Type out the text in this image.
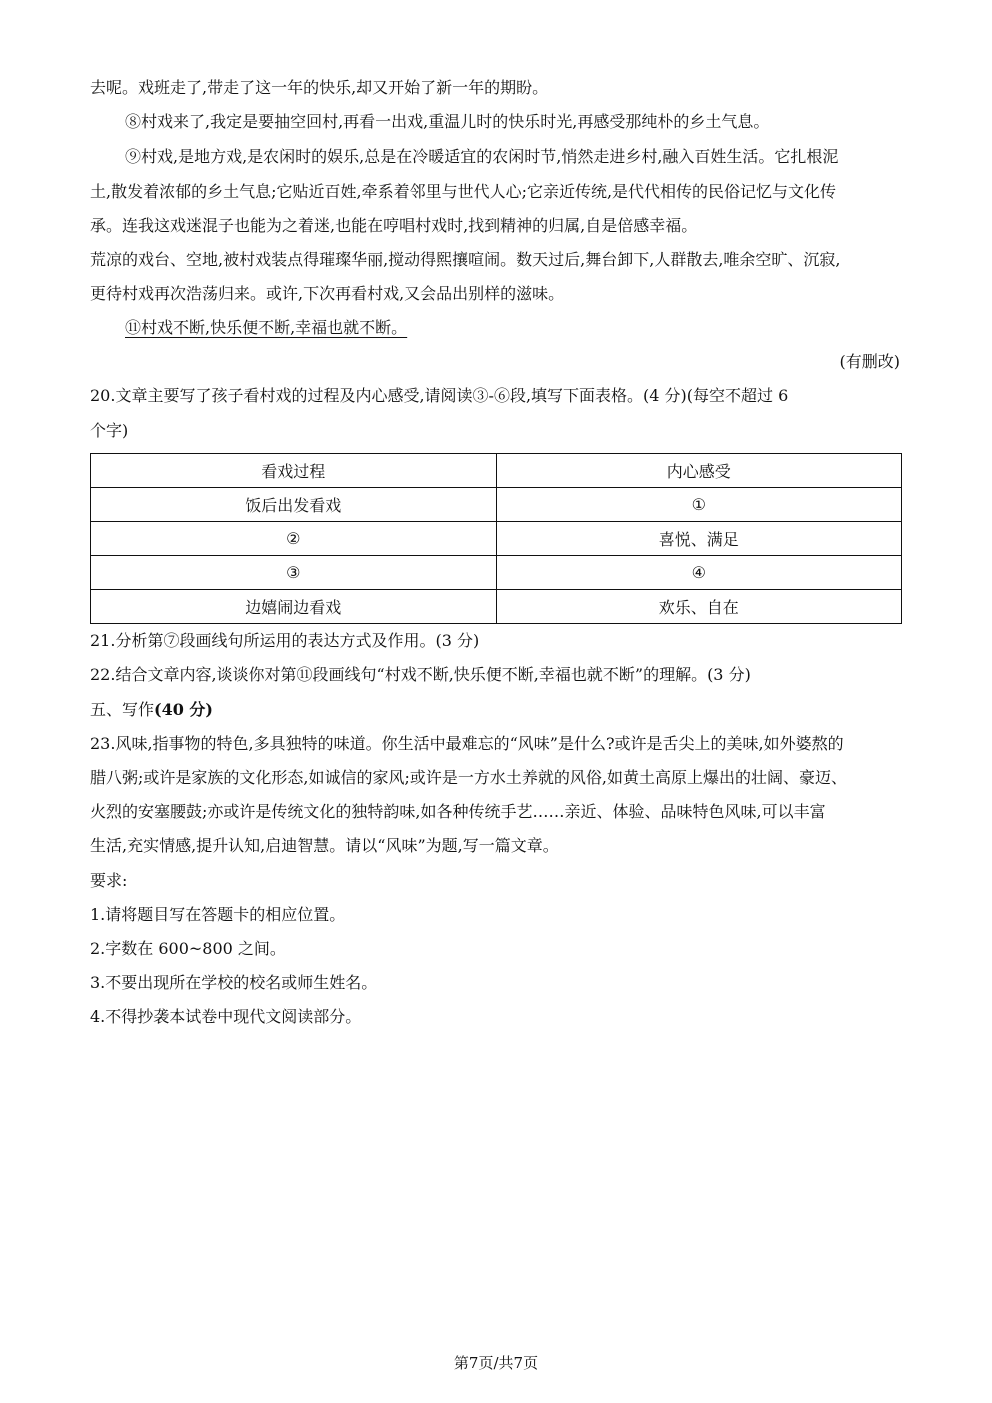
去呢。戏班走了,带走了这一年的快乐,却又开始了新一年的期盼。
⑧村戏来了,我定是要抽空回村,再看一出戏,重温儿时的快乐时光,再感受那纯朴的乡土气息。
⑨村戏,是地方戏,是农闲时的娱乐,总是在冷暖适宜的农闲时节,悄然走进乡村,融入百姓生活。它扎根泥
土,散发着浓郁的乡土气息;它贴近百姓,牵系着邻里与世代人心;它亲近传统,是代代相传的民俗记忆与文化传
承。连我这戏迷混子也能为之着迷,也能在哼唱村戏时,找到精神的归属,自是倍感幸福。
荒凉的戏台、空地,被村戏装点得璀璨华丽,搅动得熙攘喧闹。数天过后,舞台卸下,人群散去,唯余空旷、沉寂,
更待村戏再次浩荡归来。或许,下次再看村戏,又会品出别样的滋味。
⑪村戏不断,快乐便不断,幸福也就不断。
(有删改)
20.文章主要写了孩子看村戏的过程及内心感受,请阅读③-⑥段,填写下面表格。(4 分)(每空不超过 6
个字)
看戏过程	内心感受
饭后出发看戏	①
②	喜悦、满足
③	④
边嬉闹边看戏	欢乐、自在
21.分析第⑦段画线句所运用的表达方式及作用。(3 分)
22.结合文章内容,谈谈你对第⑪段画线句“村戏不断,快乐便不断,幸福也就不断”的理解。(3 分)
五、写作(40 分)
23.风味,指事物的特色,多具独特的味道。你生活中最难忘的“风味”是什么?或许是舌尖上的美味,如外婆熬的
腊八粥;或许是家族的文化形态,如诚信的家风;或许是一方水土养就的风俗,如黄土高原上爆出的壮阔、豪迈、
火烈的安塞腰鼓;亦或许是传统文化的独特韵味,如各种传统手艺……亲近、体验、品味特色风味,可以丰富
生活,充实情感,提升认知,启迪智慧。请以“风味”为题,写一篇文章。
要求:
1.请将题目写在答题卡的相应位置。
2.字数在 600~800 之间。
3.不要出现所在学校的校名或师生姓名。
4.不得抄袭本试卷中现代文阅读部分。
第7页/共7页
